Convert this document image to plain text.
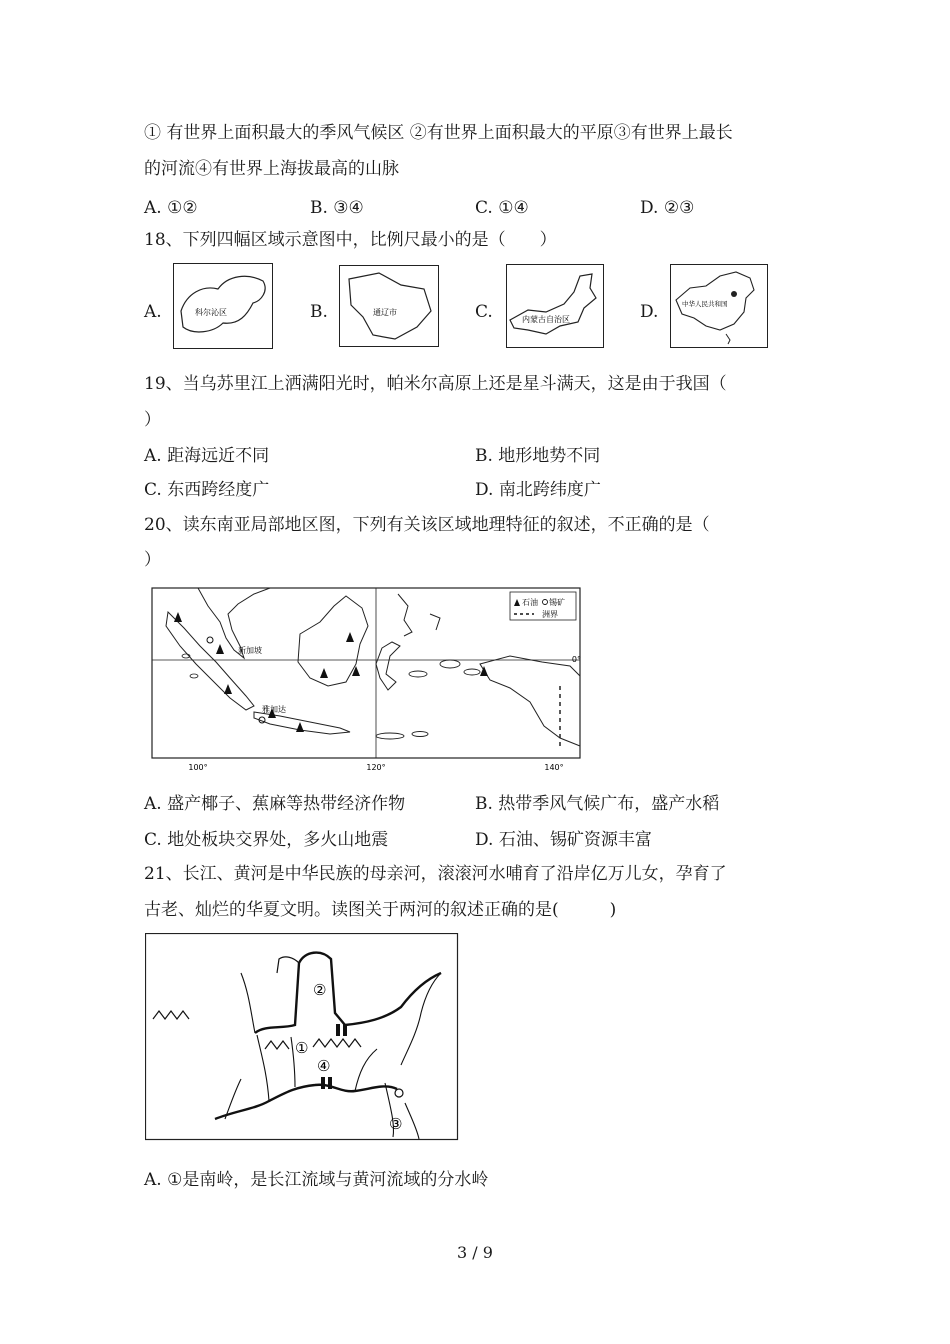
① 有世界上面积最大的季风气候区 ②有世界上面积最大的平原③有世界上最长
的河流④有世界上海拔最高的山脉
A. ①②	B. ③④	C. ①④	D. ②③
18、下列四幅区域示意图中，比例尺最小的是（　　）
A.	科尔沁区	B.	通辽市	C.	内蒙古自治区	D.	中华人民共和国
19、当乌苏里江上洒满阳光时，帕米尔高原上还是星斗满天，这是由于我国（
）
A. 距海远近不同	B. 地形地势不同
C. 东西跨经度广	D. 南北跨纬度广
20、读东南亚局部地区图，下列有关该区域地理特征的叙述，不正确的是（
）
新加坡
雅加达
石油 锡矿
洲界
0°
100°	120°	140°
A. 盛产椰子、蕉麻等热带经济作物	B. 热带季风气候广布，盛产水稻
C. 地处板块交界处，多火山地震	D. 石油、锡矿资源丰富
21、长江、黄河是中华民族的母亲河，滚滚河水哺育了沿岸亿万儿女，孕育了
古老、灿烂的华夏文明。读图关于两河的叙述正确的是(　　　)
①
②
③
④
A. ①是南岭，是长江流域与黄河流域的分水岭
3 / 9
